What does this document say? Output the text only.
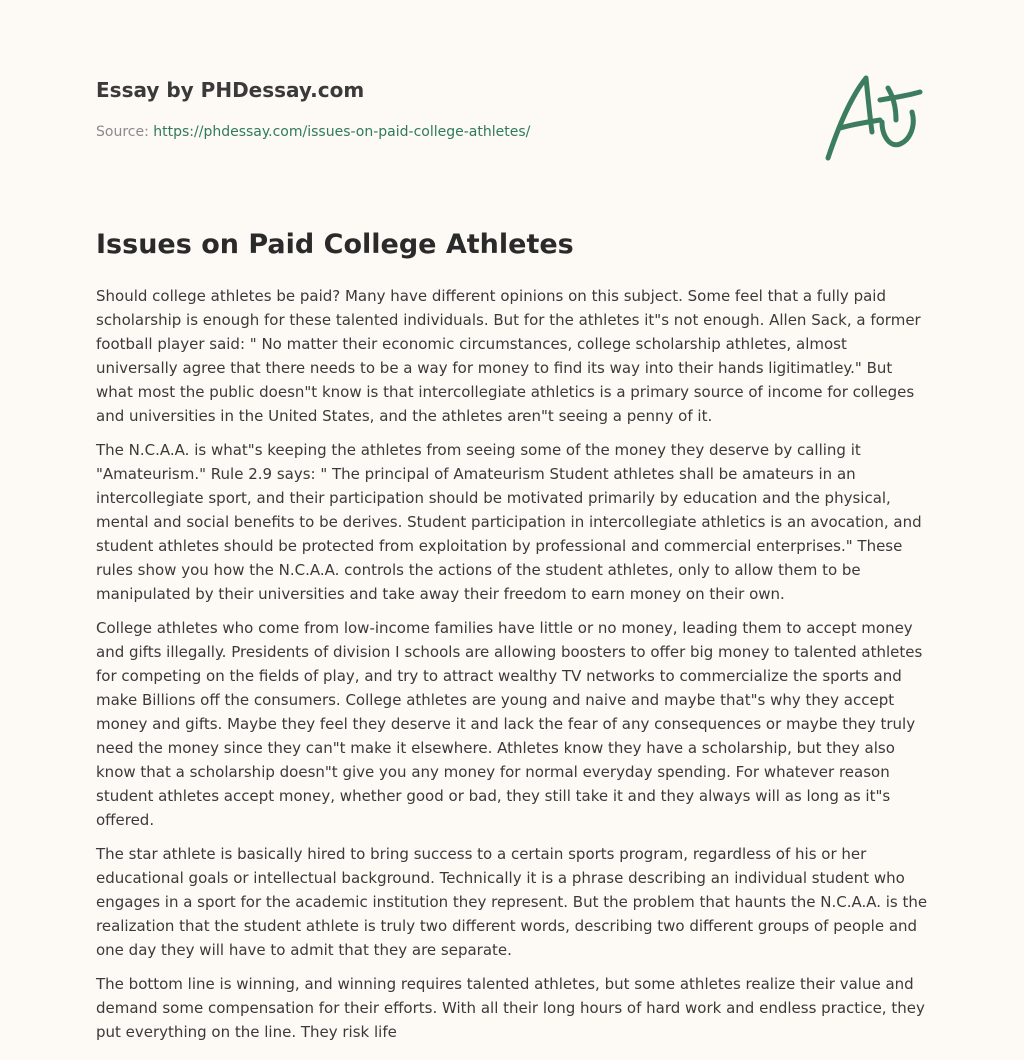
Essay by PHDessay.com
Source: https://phdessay.com/issues-on-paid-college-athletes/
Issues on Paid College Athletes

Should college athletes be paid? Many have different opinions on this subject. Some feel that a fully paid scholarship is enough for these talented individuals. But for the athletes it"s not enough. Allen Sack, a former football player said: " No matter their economic circumstances, college scholarship athletes, almost universally agree that there needs to be a way for money to find its way into their hands ligitimatley." But what most the public doesn"t know is that intercollegiate athletics is a primary source of income for colleges and universities in the United States, and the athletes aren"t seeing a penny of it.

The N.C.A.A. is what"s keeping the athletes from seeing some of the money they deserve by calling it "Amateurism." Rule 2.9 says: " The principal of Amateurism Student athletes shall be amateurs in an intercollegiate sport, and their participation should be motivated primarily by education and the physical, mental and social benefits to be derives. Student participation in intercollegiate athletics is an avocation, and student athletes should be protected from exploitation by professional and commercial enterprises." These rules show you how the N.C.A.A. controls the actions of the student athletes, only to allow them to be manipulated by their universities and take away their freedom to earn money on their own.

College athletes who come from low-income families have little or no money, leading them to accept money and gifts illegally. Presidents of division I schools are allowing boosters to offer big money to talented athletes for competing on the fields of play, and try to attract wealthy TV networks to commercialize the sports and make Billions off the consumers. College athletes are young and naive and maybe that"s why they accept money and gifts. Maybe they feel they deserve it and lack the fear of any consequences or maybe they truly need the money since they can"t make it elsewhere. Athletes know they have a scholarship, but they also know that a scholarship doesn"t give you any money for normal everyday spending. For whatever reason student athletes accept money, whether good or bad, they still take it and they always will as long as it"s offered.

The star athlete is basically hired to bring success to a certain sports program, regardless of his or her educational goals or intellectual background. Technically it is a phrase describing an individual student who engages in a sport for the academic institution they represent. But the problem that haunts the N.C.A.A. is the realization that the student athlete is truly two different words, describing two different groups of people and one day they will have to admit that they are separate.

The bottom line is winning, and winning requires talented athletes, but some athletes realize their value and demand some compensation for their efforts. With all their long hours of hard work and endless practice, they put everything on the line. They risk life
